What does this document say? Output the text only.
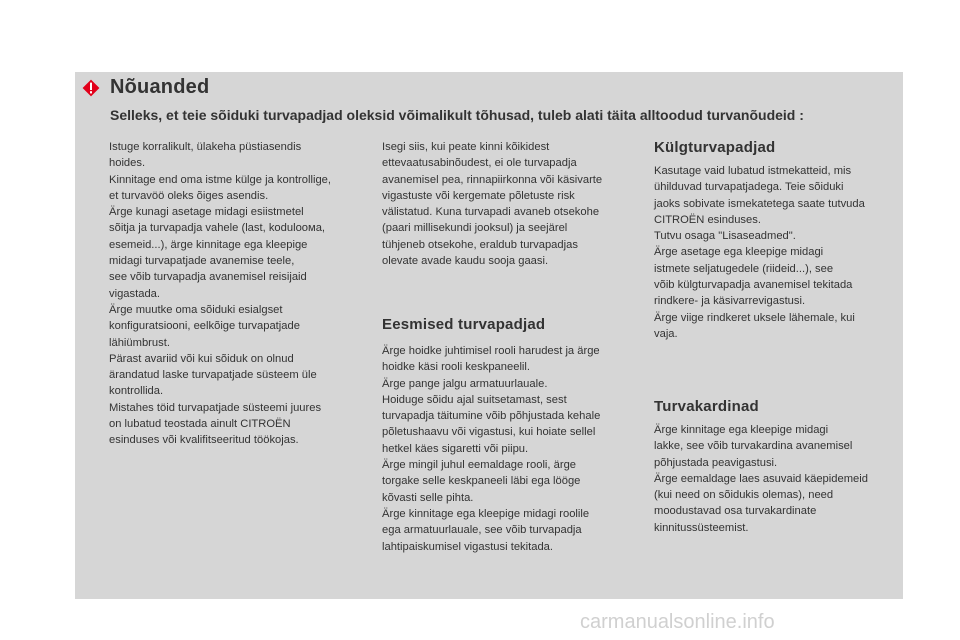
Nõuanded
Selleks, et teie sõiduki turvapadjad oleksid võimalikult tõhusad, tuleb alati täita alltoodud turvanõudeid :

Istuge korralikult, ülakeha püstiasendis
hoides.
Kinnitage end oma istme külge ja kontrollige,
et turvavöö oleks õiges asendis.
Ärge kunagi asetage midagi esiistmetel
sõitja ja turvapadja vahele (last, koduloома,
esemeid...), ärge kinnitage ega kleepige
midagi turvapatjade avanemise teele,
see võib turvapadja avanemisel reisijaid
vigastada.
Ärge muutke oma sõiduki esialgset
konfiguratsiooni, eelkõige turvapatjade
lähiümbrust.
Pärast avariid või kui sõiduk on olnud
ärandatud laske turvapatjade süsteem üle
kontrollida.
Mistahes töid turvapatjade süsteemi juures
on lubatud teostada ainult CITROËN
esinduses või kvalifitseeritud töökojas.

Isegi siis, kui peate kinni kõikidest
ettevaatusabinõudest, ei ole turvapadja
avanemisel pea, rinnapiirkonna või käsivarte
vigastuste või kergemate põletuste risk
välistatud. Kuna turvapadi avaneb otsekohe
(paari millisekundi jooksul) ja seejärel
tühjeneb otsekohe, eraldub turvapadjas
olevate avade kaudu sooja gaasi.

Eesmised turvapadjad

Ärge hoidke juhtimisel rooli harudest ja ärge
hoidke käsi rooli keskpaneelil.
Ärge pange jalgu armatuurlauale.
Hoiduge sõidu ajal suitsetamast, sest
turvapadja täitumine võib põhjustada kehale
põletushaavu või vigastusi, kui hoiate sellel
hetkel käes sigaretti või piipu.
Ärge mingil juhul eemaldage rooli, ärge
torgake selle keskpaneeli läbi ega lööge
kõvasti selle pihta.
Ärge kinnitage ega kleepige midagi roolile
ega armatuurlauale, see võib turvapadja
lahtipaiskumisel vigastusi tekitada.

Külgturvapadjad

Kasutage vaid lubatud istmekatteid, mis
ühilduvad turvapatjadega. Teie sõiduki
jaoks sobivate ismekatetega saate tutvuda
CITROËN esinduses.
Tutvu osaga "Lisaseadmed".
Ärge asetage ega kleepige midagi
istmete seljatugedele (riideid...), see
võib külgturvapadja avanemisel tekitada
rindkere- ja käsivarrevigastusi.
Ärge viige rindkeret uksele lähemale, kui
vaja.

Turvakardinad

Ärge kinnitage ega kleepige midagi
lakke, see võib turvakardina avanemisel
põhjustada peavigastusi.
Ärge eemaldage laes asuvaid käepidemeid
(kui need on sõidukis olemas), need
moodustavad osa turvakardinate
kinnitussüsteemist.

carmanualsonline.info
